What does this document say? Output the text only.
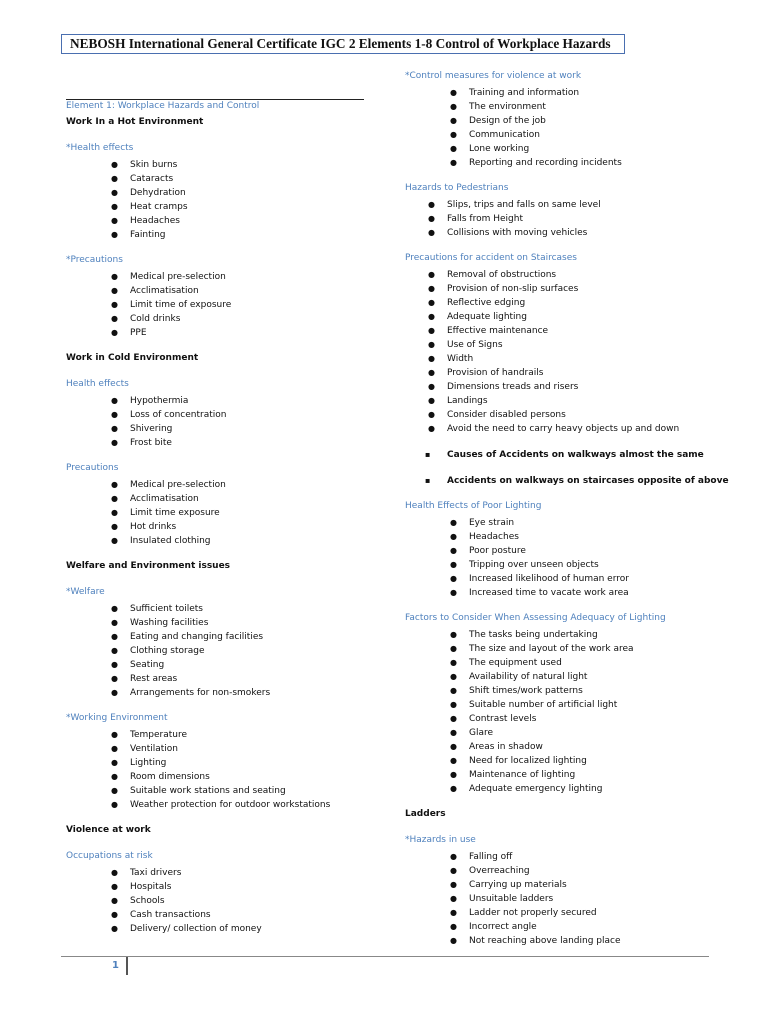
NEBOSH International General Certificate IGC 2 Elements 1-8 Control of Workplace Hazards
Element 1: Workplace Hazards and Control
Work In a Hot Environment
*Health effects
● Skin burns
● Cataracts
● Dehydration
● Heat cramps
● Headaches
● Fainting
*Precautions
● Medical pre-selection
● Acclimatisation
● Limit time of exposure
● Cold drinks
● PPE
Work in Cold Environment
Health effects
● Hypothermia
● Loss of concentration
● Shivering
● Frost bite
Precautions
● Medical pre-selection
● Acclimatisation
● Limit time exposure
● Hot drinks
● Insulated clothing
Welfare and Environment issues
*Welfare
● Sufficient toilets
● Washing facilities
● Eating and changing facilities
● Clothing storage
● Seating
● Rest areas
● Arrangements for non-smokers
*Working Environment
● Temperature
● Ventilation
● Lighting
● Room dimensions
● Suitable work stations and seating
● Weather protection for outdoor workstations
Violence at work
Occupations at risk
● Taxi drivers
● Hospitals
● Schools
● Cash transactions
● Delivery/ collection of money
*Control measures for violence at work
● Training and information
● The environment
● Design of the job
● Communication
● Lone working
● Reporting and recording incidents
Hazards to Pedestrians
● Slips, trips and falls on same level
● Falls from Height
● Collisions with moving vehicles
Precautions for accident on Staircases
● Removal of obstructions
● Provision of non-slip surfaces
● Reflective edging
● Adequate lighting
● Effective maintenance
● Use of Signs
● Width
● Provision of handrails
● Dimensions treads and risers
● Landings
● Consider disabled persons
● Avoid the need to carry heavy objects up and down
▪ Causes of Accidents on walkways almost the same
▪ Accidents on walkways on staircases opposite of above
Health Effects of Poor Lighting
● Eye strain
● Headaches
● Poor posture
● Tripping over unseen objects
● Increased likelihood of human error
● Increased time to vacate work area
Factors to Consider When Assessing Adequacy of Lighting
● The tasks being undertaking
● The size and layout of the work area
● The equipment used
● Availability of natural light
● Shift times/work patterns
● Suitable number of artificial light
● Contrast levels
● Glare
● Areas in shadow
● Need for localized lighting
● Maintenance of lighting
● Adequate emergency lighting
Ladders
*Hazards in use
● Falling off
● Overreaching
● Carrying up materials
● Unsuitable ladders
● Ladder not properly secured
● Incorrect angle
● Not reaching above landing place
1
